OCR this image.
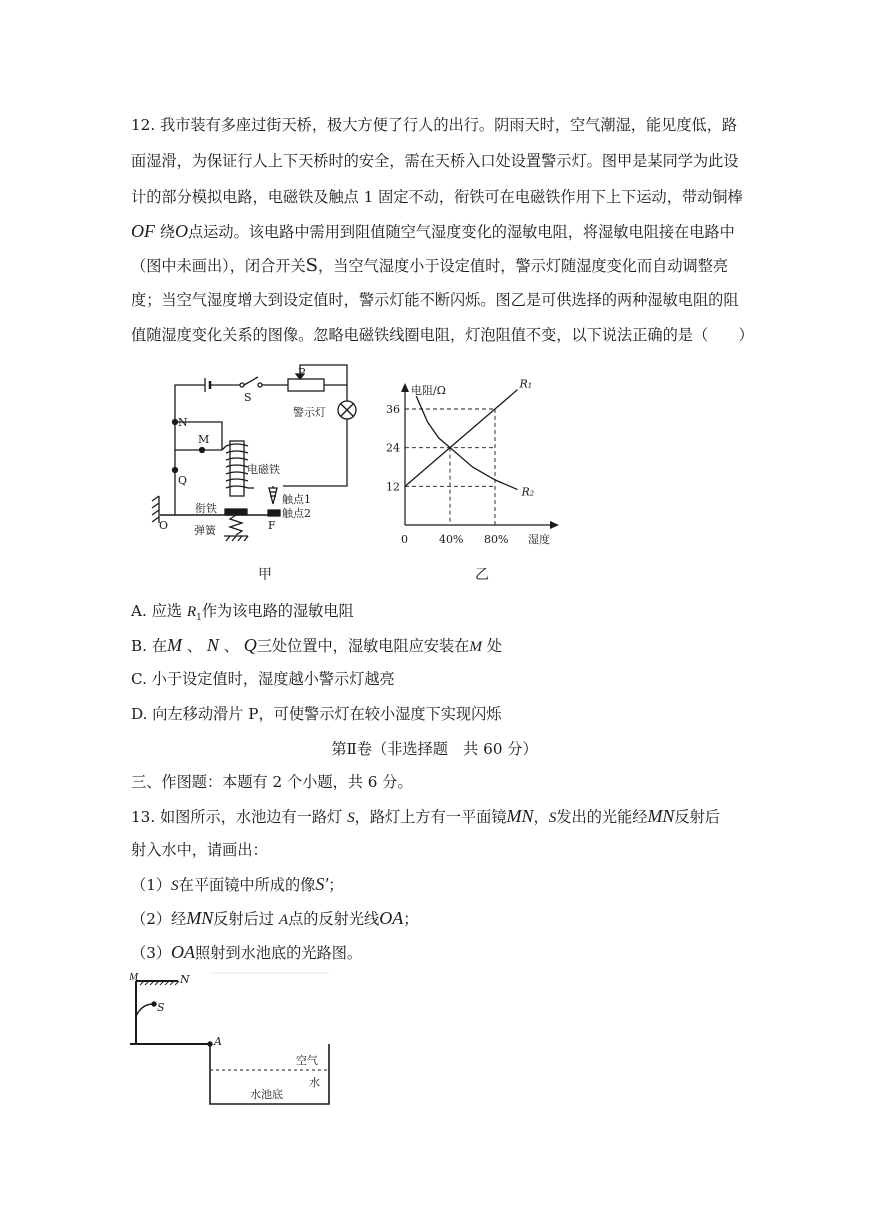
12. 我市装有多座过街天桥，极大方便了行人的出行。阴雨天时，空气潮湿，能见度低，路
面湿滑，为保证行人上下天桥时的安全，需在天桥入口处设置警示灯。图甲是某同学为此设
计的部分模拟电路，电磁铁及触点 1 固定不动，衔铁可在电磁铁作用下上下运动，带动铜棒
OF 绕O点运动。该电路中需用到阻值随空气湿度变化的湿敏电阻，将湿敏电阻接在电路中
（图中未画出），闭合开关S，当空气湿度小于设定值时，警示灯随湿度变化而自动调整亮
度；当空气湿度增大到设定值时，警示灯能不断闪烁。图乙是可供选择的两种湿敏电阻的阻
值随湿度变化关系的图像。忽略电磁铁线圈电阻，灯泡阻值不变，以下说法正确的是（　　）
P
S
警示灯
N
M
Q
电磁铁
触点1
触点2
衔铁
弹簧
O	F
甲
R₁
R₂
12
24
36
0	40% 80%
电阻/Ω
湿度
乙
A. 应选 $R_1$作为该电路的湿敏电阻
B. 在M 、 N 、 Q三处位置中，湿敏电阻应安装在M 处
C. 小于设定值时，湿度越小警示灯越亮
D. 向左移动滑片 P，可使警示灯在较小湿度下实现闪烁
第Ⅱ卷（非选择题　共 60 分）
三、作图题：本题有 2 个小题，共 6 分。
13. 如图所示，水池边有一路灯 S，路灯上方有一平面镜MN，S发出的光能经MN反射后
射入水中，请画出：
（1）S在平面镜中所成的像S′；
（2）经MN反射后过 A点的反射光线OA；
（3）OA照射到水池底的光路图。
M	N
S
A
空气
水
水池底
